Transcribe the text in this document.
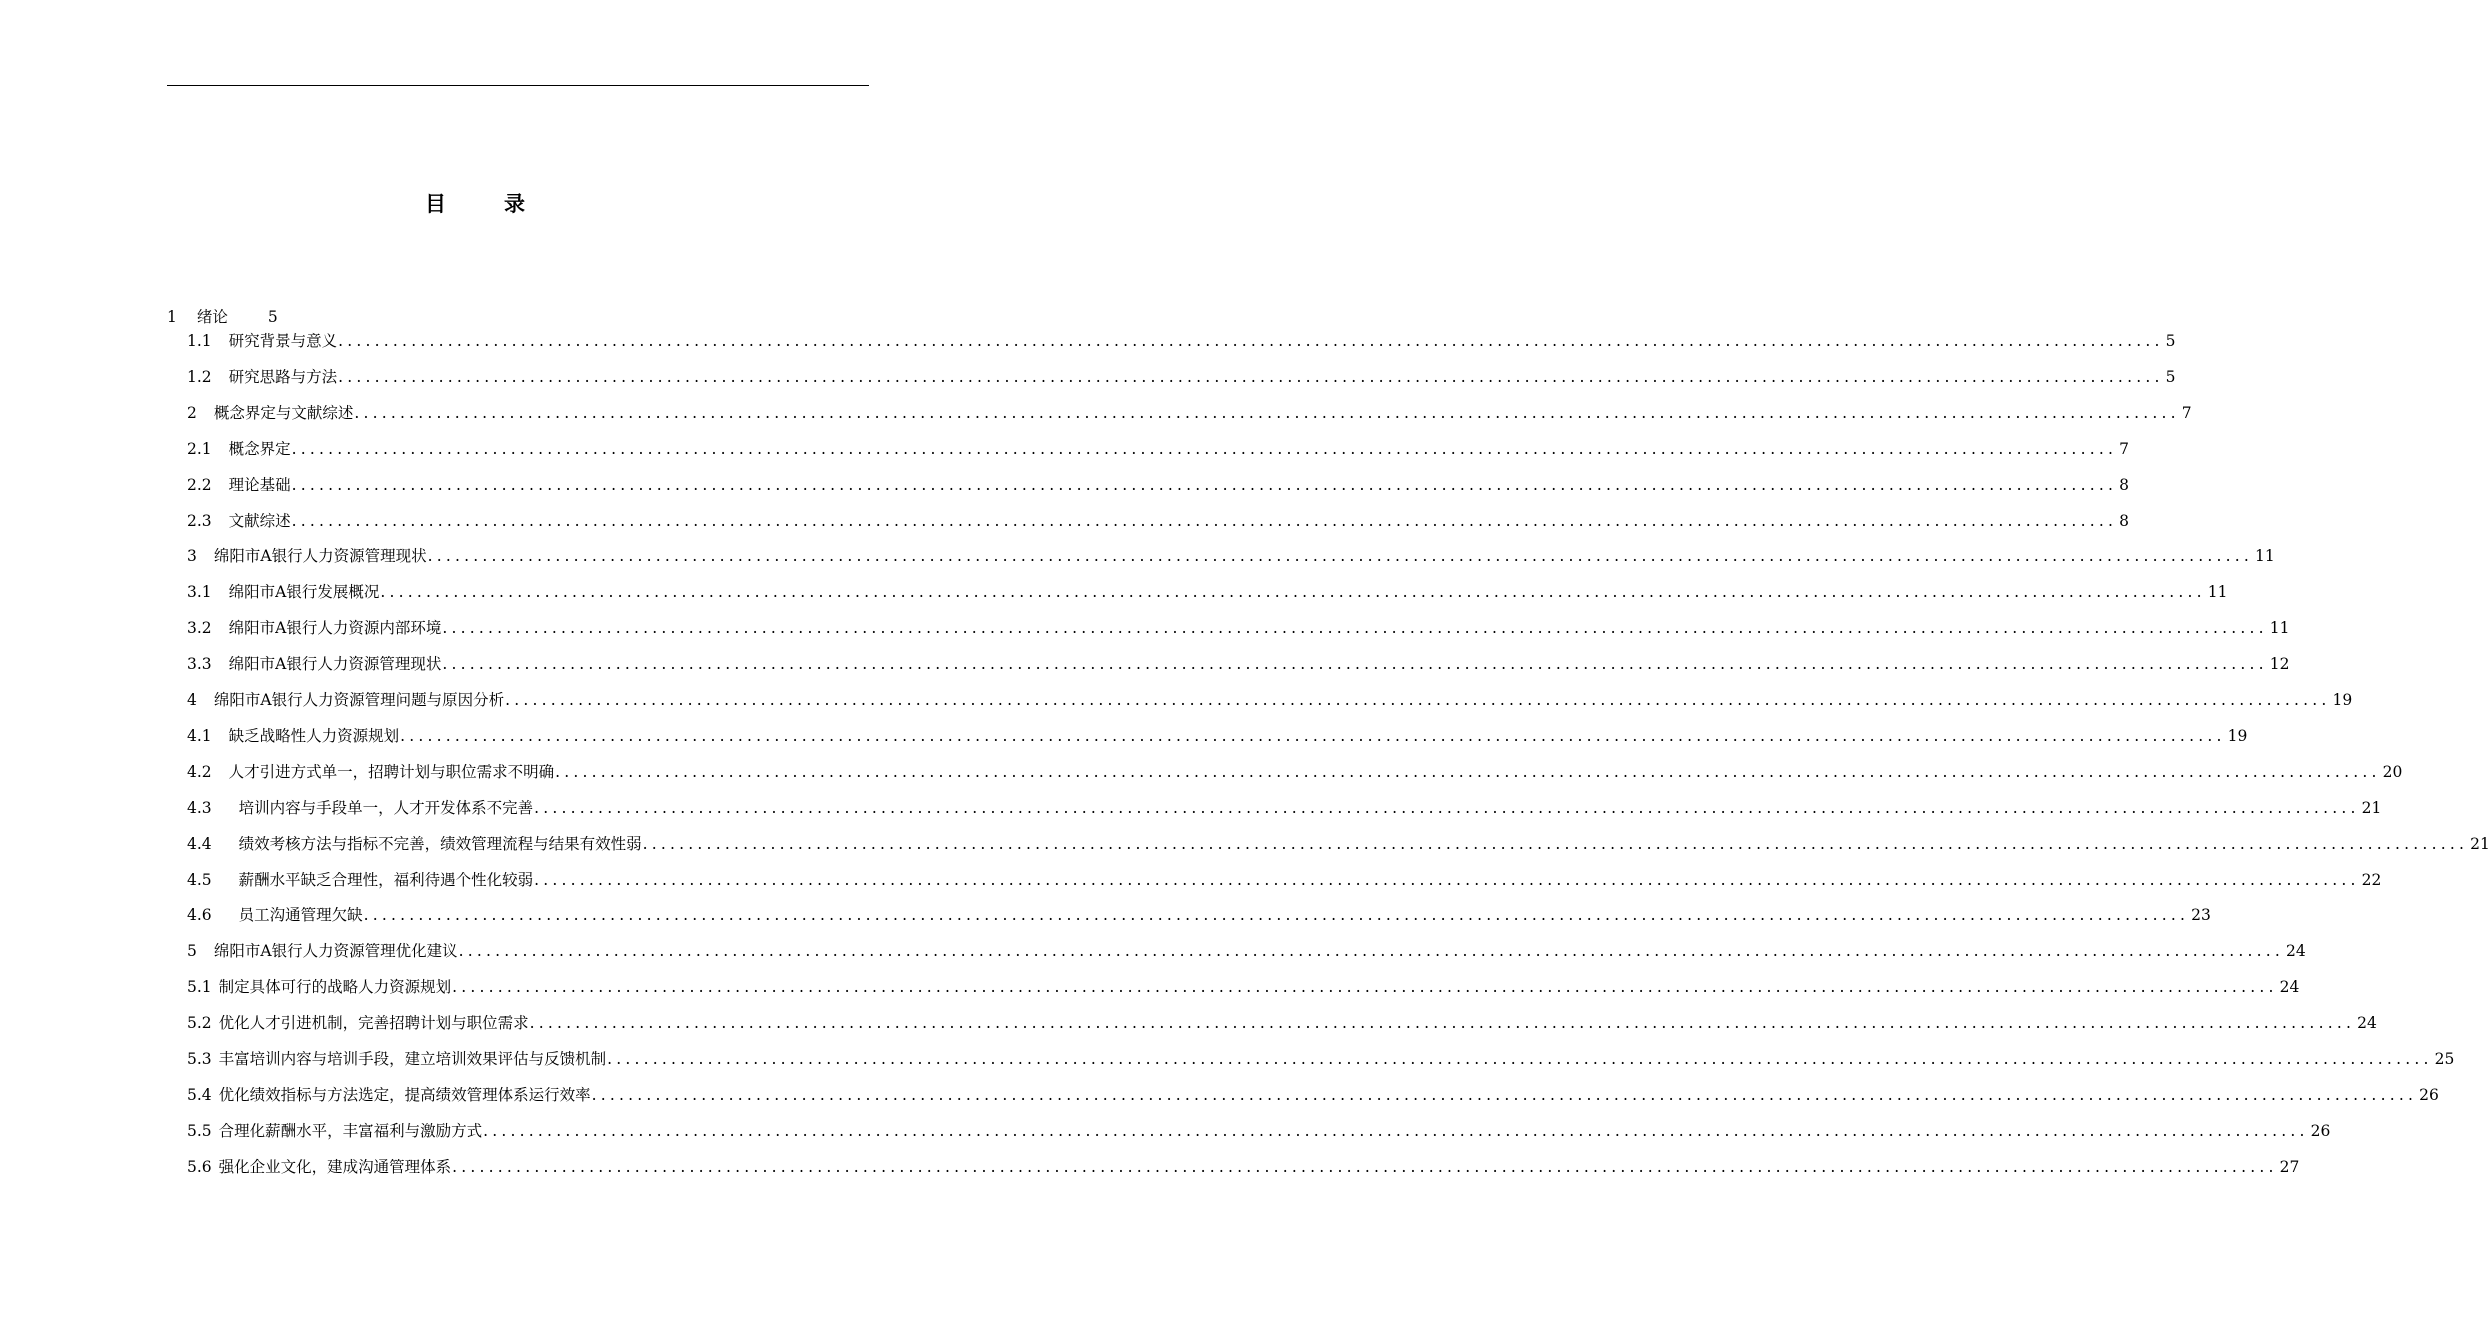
目	录
1 绪论	5
1.1 研究背景与意义 ........................................................................................................................................................................................................ 5
1.2 研究思路与方法 ........................................................................................................................................................................................................ 5
2 概念界定与文献综述 ........................................................................................................................................................................................................ 7
2.1 概念界定 ........................................................................................................................................................................................................ 7
2.2 理论基础 ........................................................................................................................................................................................................ 8
2.3 文献综述 ........................................................................................................................................................................................................ 8
3 绵阳市A银行人力资源管理现状 ........................................................................................................................................................................................................ 11
3.1 绵阳市A银行发展概况 ........................................................................................................................................................................................................ 11
3.2 绵阳市A银行人力资源内部环境 ........................................................................................................................................................................................................ 11
3.3 绵阳市A银行人力资源管理现状 ........................................................................................................................................................................................................ 12
4 绵阳市A银行人力资源管理问题与原因分析 ........................................................................................................................................................................................................ 19
4.1 缺乏战略性人力资源规划 ........................................................................................................................................................................................................ 19
4.2 人才引进方式单一，招聘计划与职位需求不明确 ........................................................................................................................................................................................................ 20
4.3 培训内容与手段单一，人才开发体系不完善 ........................................................................................................................................................................................................ 21
4.4 绩效考核方法与指标不完善，绩效管理流程与结果有效性弱 ........................................................................................................................................................................................................ 21
4.5 薪酬水平缺乏合理性，福利待遇个性化较弱 ........................................................................................................................................................................................................ 22
4.6 员工沟通管理欠缺 ........................................................................................................................................................................................................ 23
5 绵阳市A银行人力资源管理优化建议 ........................................................................................................................................................................................................ 24
5.1 制定具体可行的战略人力资源规划 ........................................................................................................................................................................................................ 24
5.2 优化人才引进机制，完善招聘计划与职位需求 ........................................................................................................................................................................................................ 24
5.3 丰富培训内容与培训手段，建立培训效果评估与反馈机制 ........................................................................................................................................................................................................ 25
5.4 优化绩效指标与方法选定，提高绩效管理体系运行效率 ........................................................................................................................................................................................................ 26
5.5 合理化薪酬水平，丰富福利与激励方式 ........................................................................................................................................................................................................ 26
5.6 强化企业文化，建成沟通管理体系 ........................................................................................................................................................................................................ 27
